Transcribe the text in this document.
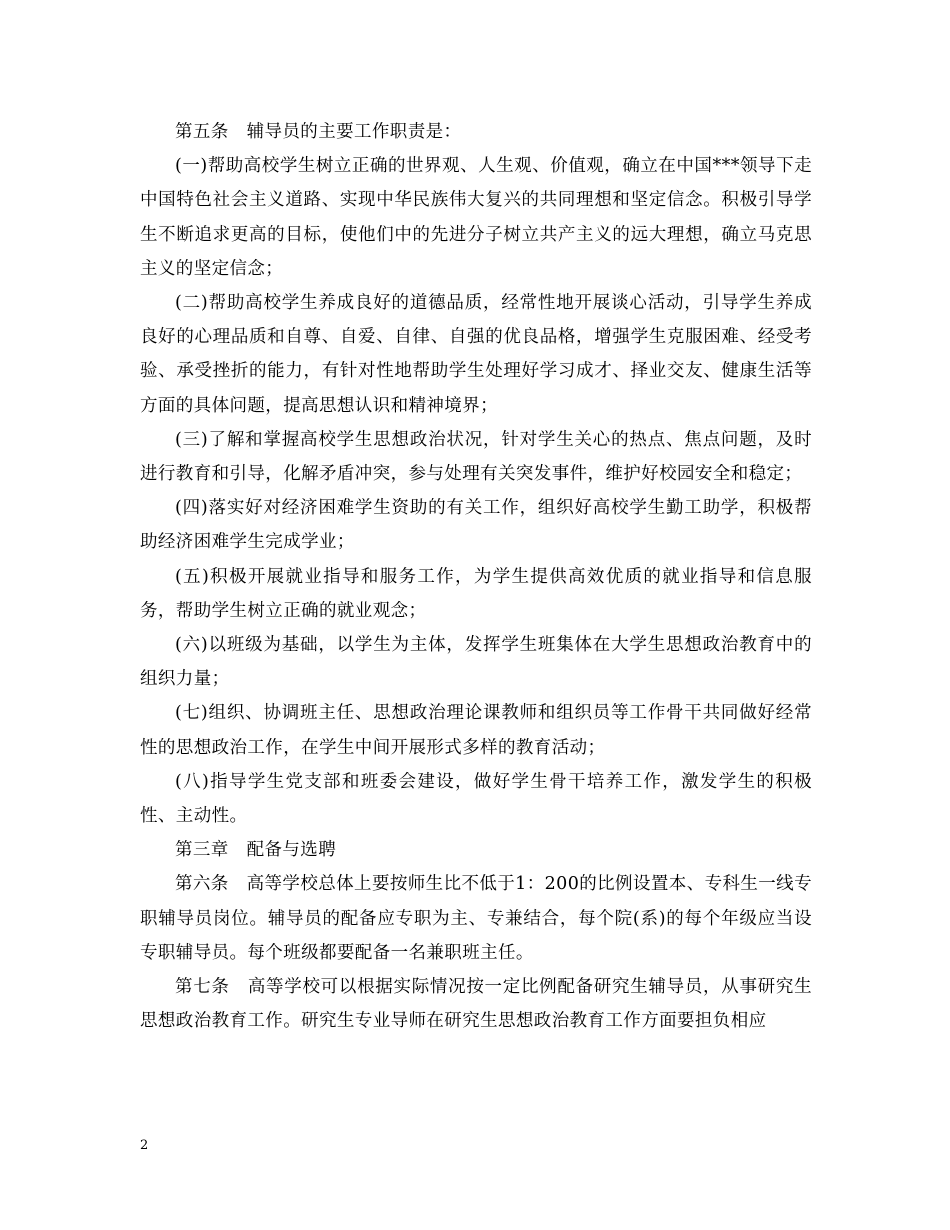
第五条　辅导员的主要工作职责是：

(一)帮助高校学生树立正确的世界观、人生观、价值观，确立在中国***领导下走中国特色社会主义道路、实现中华民族伟大复兴的共同理想和坚定信念。积极引导学生不断追求更高的目标，使他们中的先进分子树立共产主义的远大理想，确立马克思主义的坚定信念；

(二)帮助高校学生养成良好的道德品质，经常性地开展谈心活动，引导学生养成良好的心理品质和自尊、自爱、自律、自强的优良品格，增强学生克服困难、经受考验、承受挫折的能力，有针对性地帮助学生处理好学习成才、择业交友、健康生活等方面的具体问题，提高思想认识和精神境界；

(三)了解和掌握高校学生思想政治状况，针对学生关心的热点、焦点问题，及时进行教育和引导，化解矛盾冲突，参与处理有关突发事件，维护好校园安全和稳定；

(四)落实好对经济困难学生资助的有关工作，组织好高校学生勤工助学，积极帮助经济困难学生完成学业；

(五)积极开展就业指导和服务工作，为学生提供高效优质的就业指导和信息服务，帮助学生树立正确的就业观念；

(六)以班级为基础，以学生为主体，发挥学生班集体在大学生思想政治教育中的组织力量；

(七)组织、协调班主任、思想政治理论课教师和组织员等工作骨干共同做好经常性的思想政治工作，在学生中间开展形式多样的教育活动；

(八)指导学生党支部和班委会建设，做好学生骨干培养工作，激发学生的积极性、主动性。

第三章　配备与选聘

第六条　高等学校总体上要按师生比不低于1：200的比例设置本、专科生一线专职辅导员岗位。辅导员的配备应专职为主、专兼结合，每个院(系)的每个年级应当设专职辅导员。每个班级都要配备一名兼职班主任。

第七条　高等学校可以根据实际情况按一定比例配备研究生辅导员，从事研究生思想政治教育工作。研究生专业导师在研究生思想政治教育工作方面要担负相应

2
